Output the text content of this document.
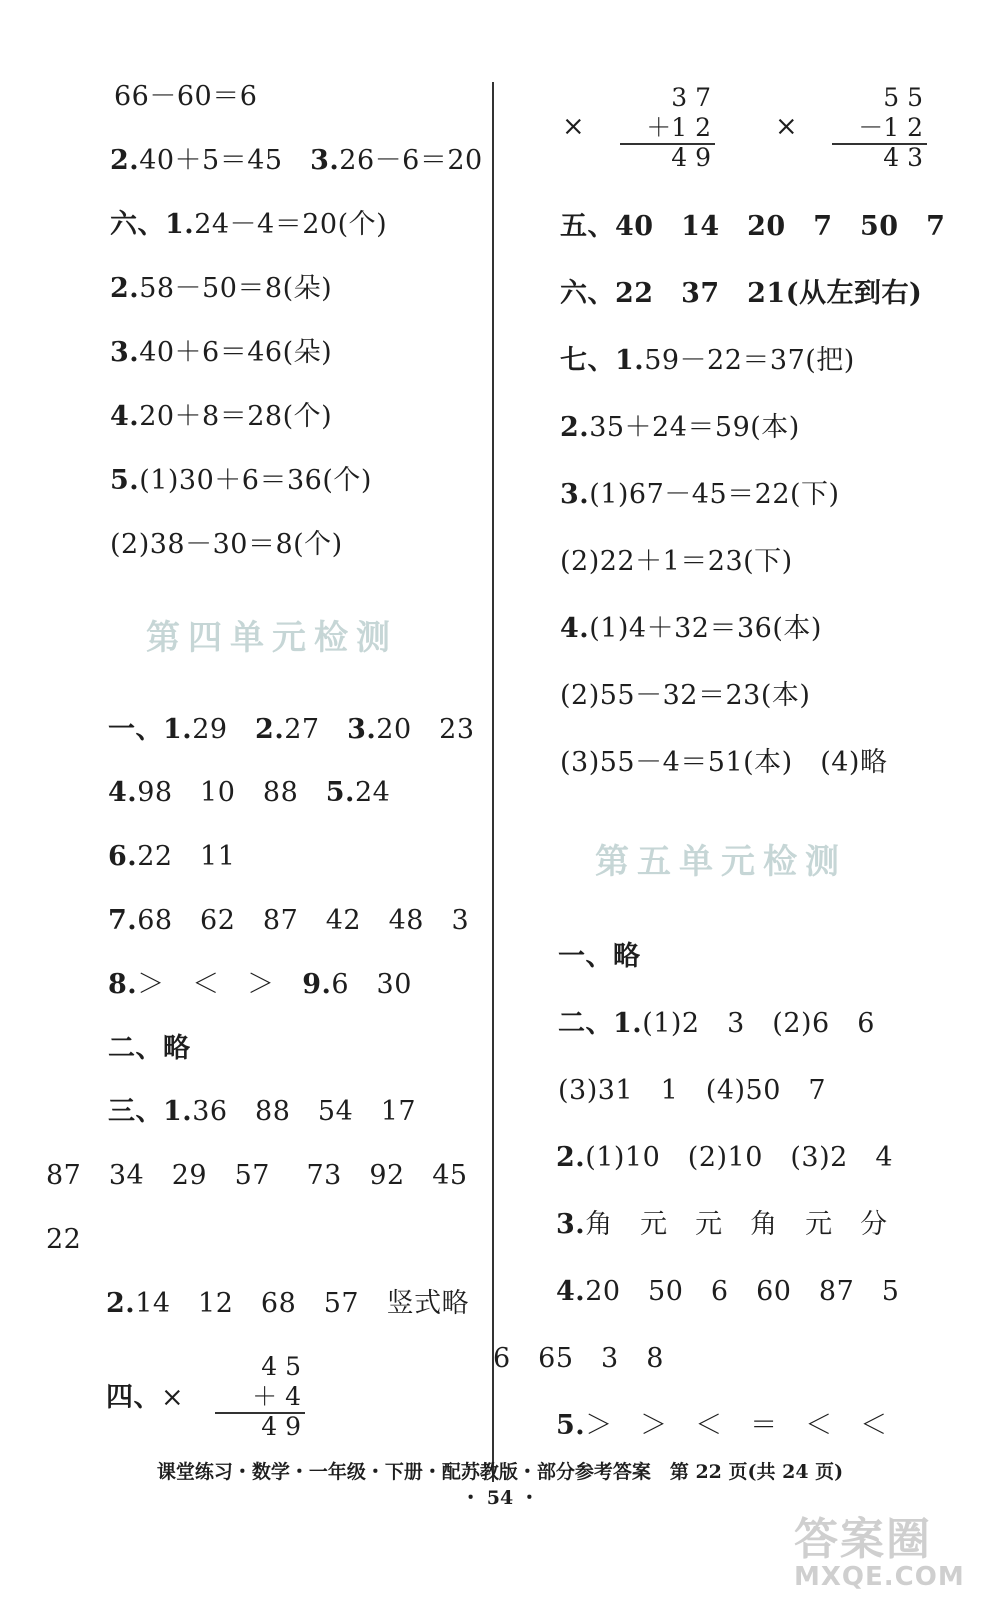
66－60＝6
2.40＋5＝45　 3.26－6＝20
六、1.24－4＝20(个)
2.58－50＝8(朵)
3.40＋6＝46(朵)
4.20＋8＝28(个)
5.(1)30＋6＝36(个)
(2)38－30＝8(个)
第四单元检测
一、1.29　 2.27　 3.20　23
4.98　10　88　 5.24
6.22　11
7.68　62　87　42　48　3
8.＞　＜　＞　 9.6　30
二、略
三、1.36　88　54　17
87　34　29　57　 73　92　45
22
2.14　12　68　57　竖式略
四、×
4 5
＋ 4
4 9
×
3 7
＋1 2
4 9
×
5 5
－1 2
4 3
五、40　14　20　7　50　7
六、22　37　21(从左到右)
七、1.59－22＝37(把)
2.35＋24＝59(本)
3.(1)67－45＝22(下)
(2)22＋1＝23(下)
4.(1)4＋32＝36(本)
(2)55－32＝23(本)
(3)55－4＝51(本)　(4)略
第五单元检测
一、略
二、1.(1)2　3　(2)6　6
(3)31　1　(4)50　7
2.(1)10　(2)10　(3)2　4
3.角　元　元　角　元　分
4.20　50　6　60　87　5
6　65　3　8
5.＞　＞　＜　＝　＜　＜
课堂练习・数学・一年级・下册・配苏教版・部分参考答案　第 22 页(共 24 页)
・ 54 ・
答案圈
MXQE.COM
